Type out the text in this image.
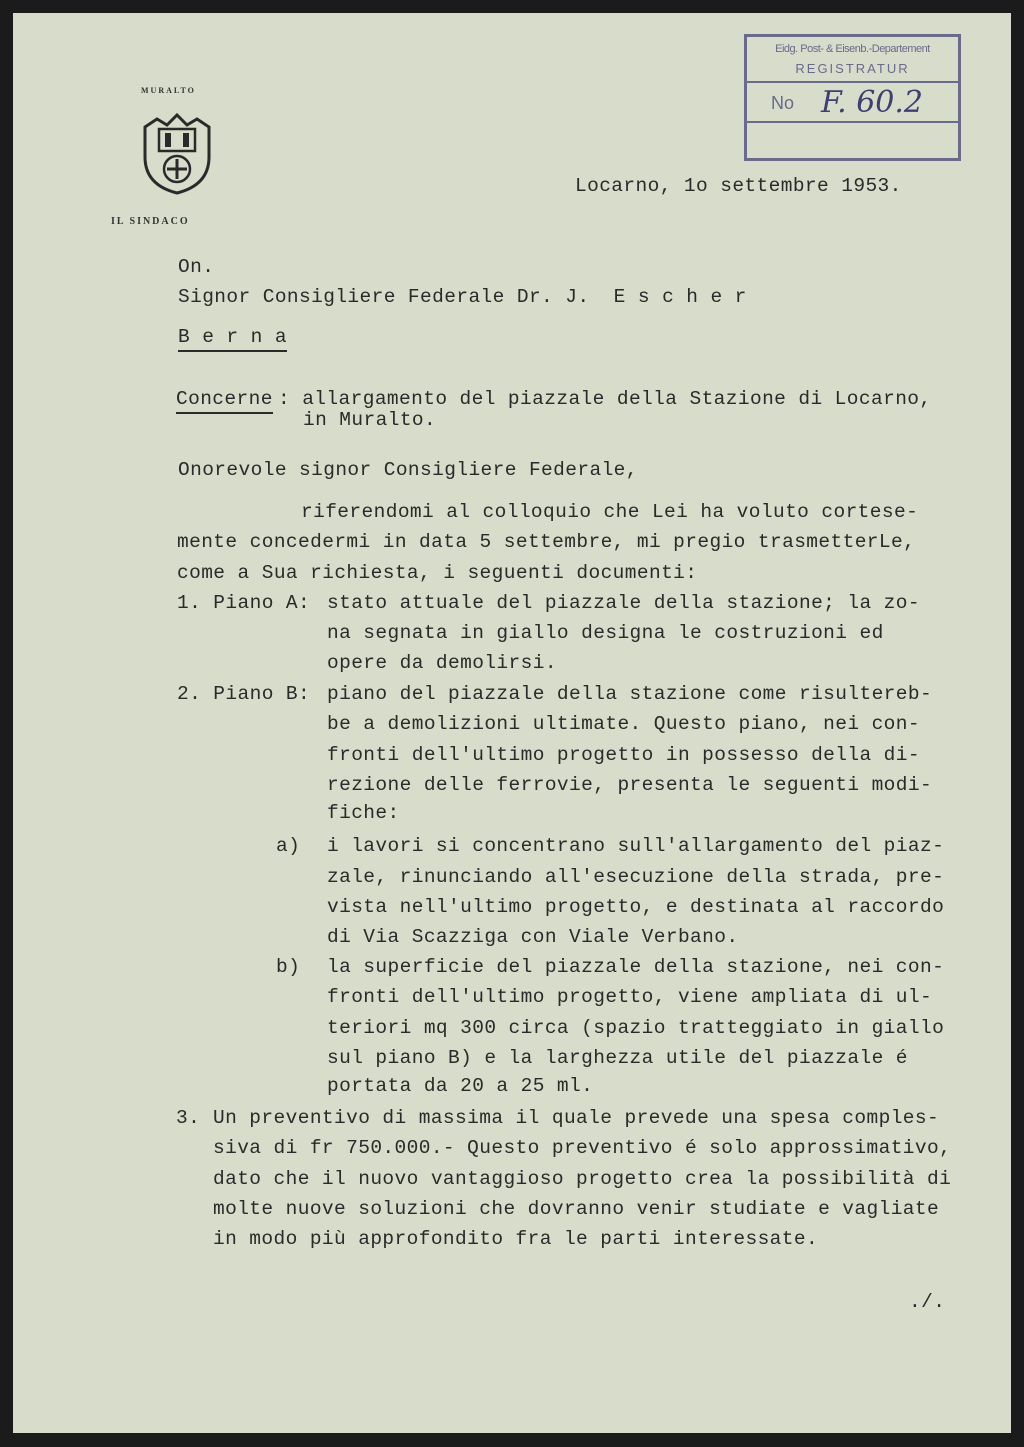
MURALTO
IL SINDACO
Eidg. Post- & Eisenb.-Departement
REGISTRATUR
No F. 60.2
Locarno, 1o settembre 1953.
On.
Signor Consigliere Federale Dr. J.  E s c h e r
B e r n a
Concerne : allargamento del piazzale della Stazione di Locarno,
in Muralto.
Onorevole signor Consigliere Federale,
riferendomi al colloquio che Lei ha voluto cortese-
mente concedermi in data 5 settembre, mi pregio trasmetterLe,
come a Sua richiesta, i seguenti documenti:
1. Piano A: stato attuale del piazzale della stazione; la zo-
na segnata in giallo designa le costruzioni ed
opere da demolirsi.
2. Piano B: piano del piazzale della stazione come risultereb-
be a demolizioni ultimate. Questo piano, nei con-
fronti dell'ultimo progetto in possesso della di-
rezione delle ferrovie, presenta le seguenti modi-
fiche:
a) i lavori si concentrano sull'allargamento del piaz-
zale, rinunciando all'esecuzione della strada, pre-
vista nell'ultimo progetto, e destinata al raccordo
di Via Scazziga con Viale Verbano.
b) la superficie del piazzale della stazione, nei con-
fronti dell'ultimo progetto, viene ampliata di ul-
teriori mq 300 circa (spazio tratteggiato in giallo
sul piano B) e la larghezza utile del piazzale é
portata da 20 a 25 ml.
3. Un preventivo di massima il quale prevede una spesa comples-
siva di fr 750.000.- Questo preventivo é solo approssimativo,
dato che il nuovo vantaggioso progetto crea la possibilità di
molte nuove soluzioni che dovranno venir studiate e vagliate
in modo più approfondito fra le parti interessate.
./.
